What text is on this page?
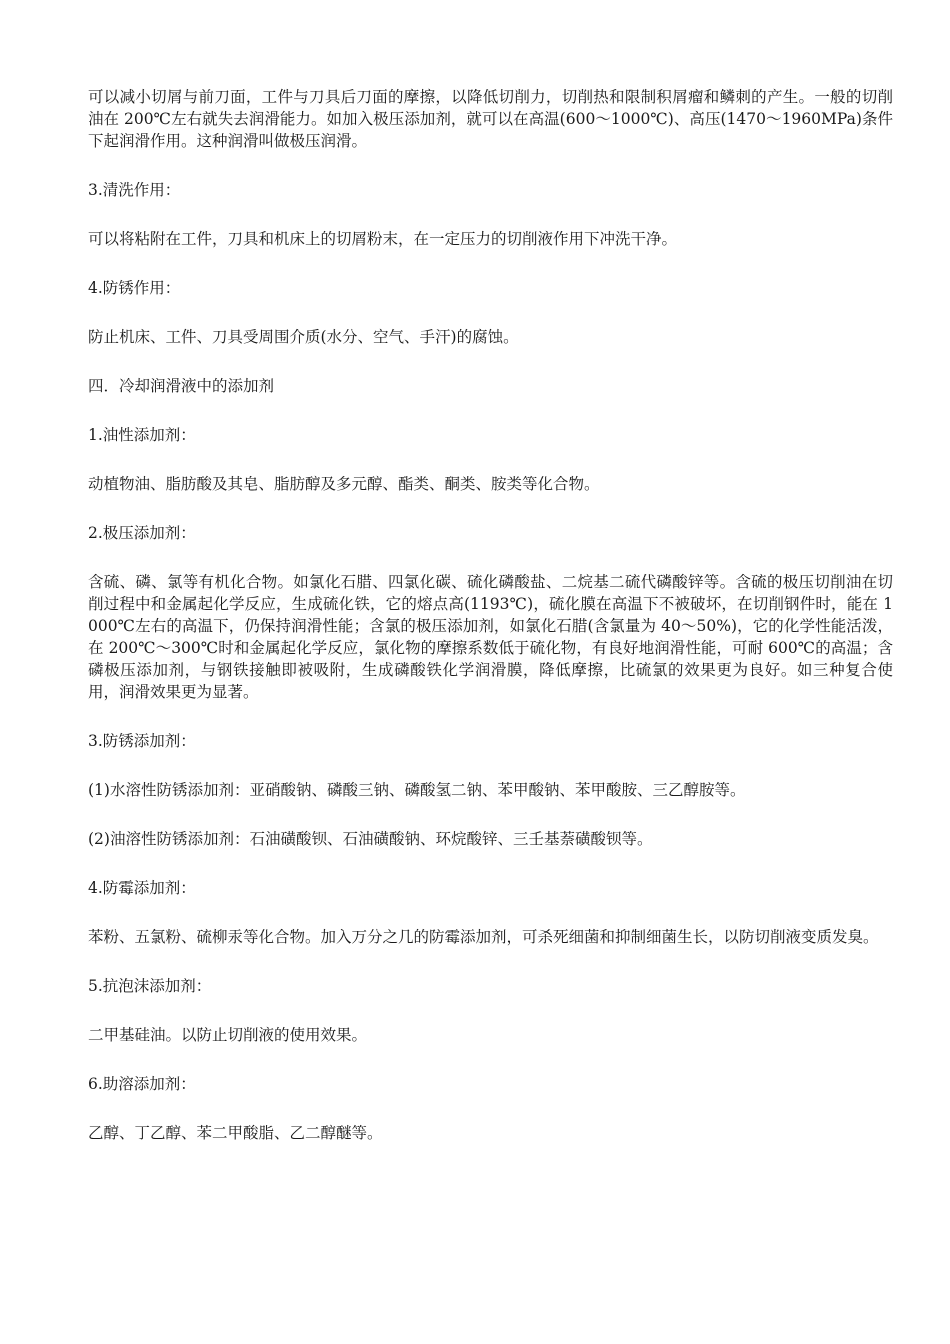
可以减小切屑与前刀面，工件与刀具后刀面的摩擦，以降低切削力，切削热和限制积屑瘤和鳞刺的产生。一般的切削油在 200℃左右就失去润滑能力。如加入极压添加剂，就可以在高温(600～1000℃)、高压(1470～1960MPa)条件下起润滑作用。这种润滑叫做极压润滑。

3.清洗作用：

可以将粘附在工件，刀具和机床上的切屑粉末，在一定压力的切削液作用下冲洗干净。

4.防锈作用：

防止机床、工件、刀具受周围介质(水分、空气、手汗)的腐蚀。

四．冷却润滑液中的添加剂

1.油性添加剂：

动植物油、脂肪酸及其皂、脂肪醇及多元醇、酯类、酮类、胺类等化合物。

2.极压添加剂：

含硫、磷、氯等有机化合物。如氯化石腊、四氯化碳、硫化磷酸盐、二烷基二硫代磷酸锌等。含硫的极压切削油在切削过程中和金属起化学反应，生成硫化铁，它的熔点高(1193℃)，硫化膜在高温下不被破坏，在切削钢件时，能在 1000℃左右的高温下，仍保持润滑性能；含氯的极压添加剂，如氯化石腊(含氯量为 40～50%)，它的化学性能活泼，在 200℃～300℃时和金属起化学反应，氯化物的摩擦系数低于硫化物，有良好地润滑性能，可耐 600℃的高温；含磷极压添加剂，与钢铁接触即被吸附，生成磷酸铁化学润滑膜，降低摩擦，比硫氯的效果更为良好。如三种复合使用，润滑效果更为显著。

3.防锈添加剂：

(1)水溶性防锈添加剂：亚硝酸钠、磷酸三钠、磷酸氢二钠、苯甲酸钠、苯甲酸胺、三乙醇胺等。

(2)油溶性防锈添加剂：石油磺酸钡、石油磺酸钠、环烷酸锌、三壬基萘磺酸钡等。

4.防霉添加剂：

苯粉、五氯粉、硫柳汞等化合物。加入万分之几的防霉添加剂，可杀死细菌和抑制细菌生长，以防切削液变质发臭。

5.抗泡沫添加剂：

二甲基硅油。以防止切削液的使用效果。

6.助溶添加剂：

乙醇、丁乙醇、苯二甲酸脂、乙二醇醚等。
